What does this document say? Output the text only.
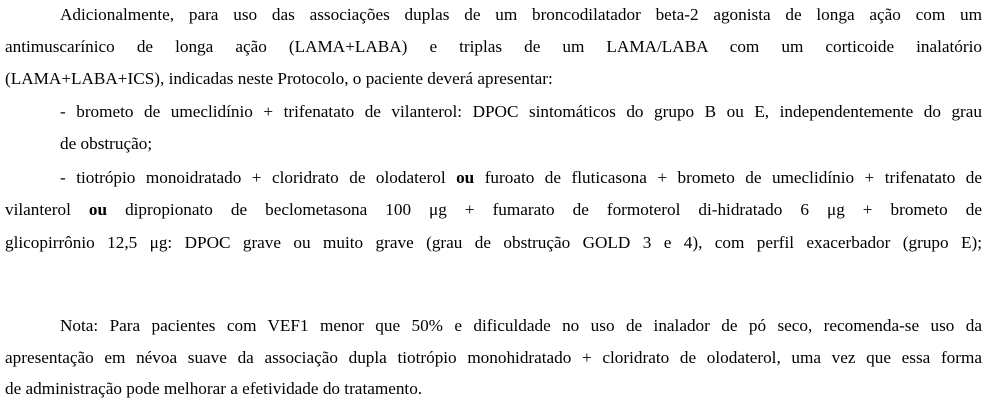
Adicionalmente, para uso das associações duplas de um broncodilatador beta-2 agonista de longa ação com um
antimuscarínico de longa ação (LAMA+LABA) e triplas de um LAMA/LABA com um corticoide inalatório
(LAMA+LABA+ICS), indicadas neste Protocolo, o paciente deverá apresentar:
- brometo de umeclidínio + trifenatato de vilanterol: DPOC sintomáticos do grupo B ou E, independentemente do grau
de obstrução;
- tiotrópio monoidratado + cloridrato de olodaterol ou furoato de fluticasona + brometo de umeclidínio + trifenatato de
vilanterol ou dipropionato de beclometasona 100 μg + fumarato de formoterol di-hidratado 6 μg + brometo de
glicopirrônio 12,5 μg: DPOC grave ou muito grave (grau de obstrução GOLD 3 e 4), com perfil exacerbador (grupo E);
Nota: Para pacientes com VEF1 menor que 50% e dificuldade no uso de inalador de pó seco, recomenda-se uso da
apresentação em névoa suave da associação dupla tiotrópio monohidratado + cloridrato de olodaterol, uma vez que essa forma
de administração pode melhorar a efetividade do tratamento.
